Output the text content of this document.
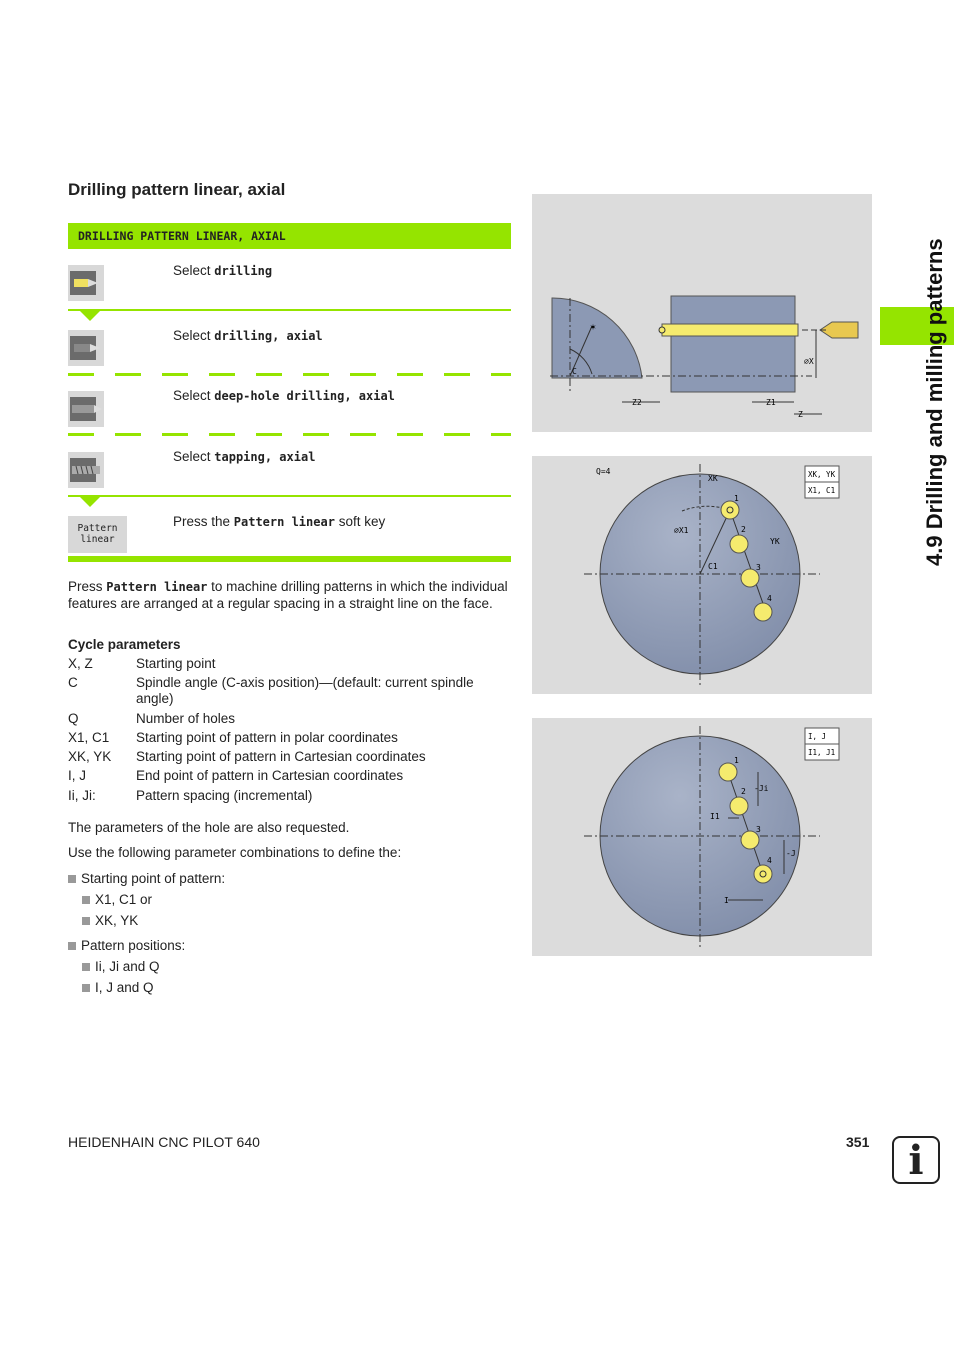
Drilling pattern linear, axial
DRILLING PATTERN LINEAR, AXIAL
Select drilling
Select drilling, axial
Select deep-hole drilling, axial
Select tapping, axial
Pattern
linear
Press the Pattern linear soft key
Press Pattern linear to machine drilling patterns in which the individual features are arranged at a regular spacing in a straight line on the face.
Cycle parameters
X, Z	Starting point
C	Spindle angle (C-axis position)—(default: current spindle angle)
Q	Number of holes
X1, C1	Starting point of pattern in polar coordinates
XK, YK	Starting point of pattern in Cartesian coordinates
I, J	End point of pattern in Cartesian coordinates
Ii, Ji:	Pattern spacing (incremental)
The parameters of the hole are also requested.
Use the following parameter combinations to define the:
Starting point of pattern:
X1, C1 or
XK, YK
Pattern positions:
Ii, Ji and Q
I, J and Q
✶
C
Z2	Z1
Z
⌀X
Q=4
XK
YK
⌀X1
C1
1
2
3
4
XK, YK
X1, C1
I1
-Ji
-J
I
1
2
3
4
I, J
I1, J1
4.9 Drilling and milling patterns
HEIDENHAIN CNC PILOT 640	351 i
